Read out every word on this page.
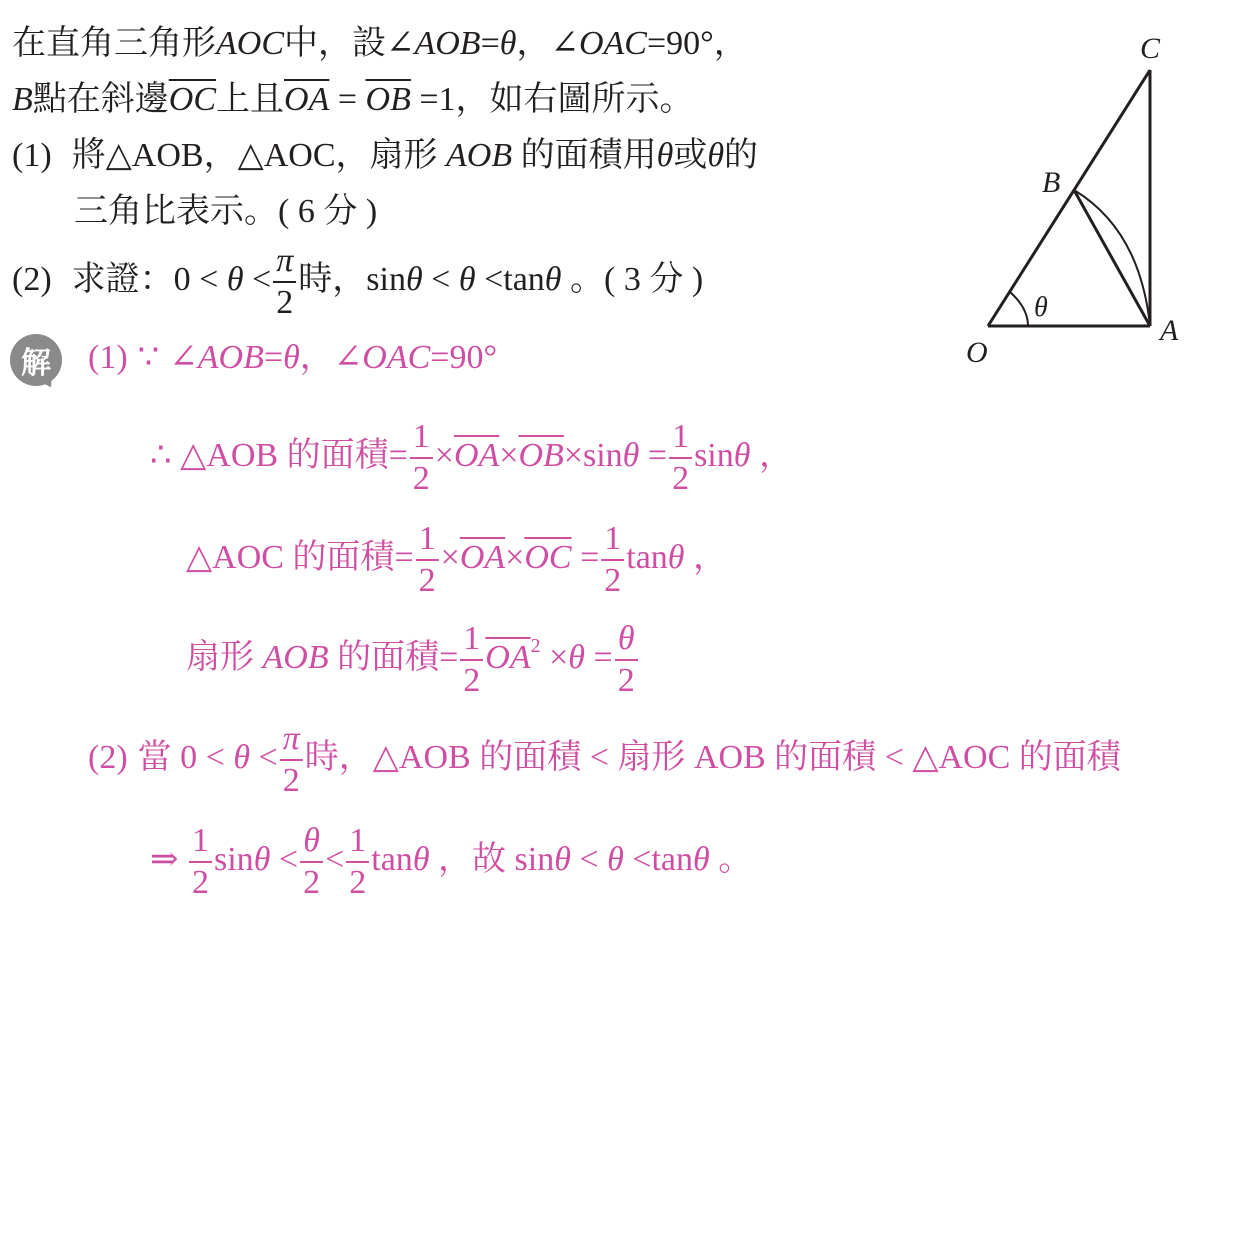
在直角三角形AOC中，設∠AOB=θ，∠OAC=90°，
B點在斜邊$\overline{OC}$上且$\overline{OA} = \overline{OB} =1$，如右圖所示。
(1) 將△AOB，△AOC，扇形 AOB 的面積用θ或θ的
三角比表示。( 6 分 )
(2) 求證：$0 < \theta < \frac{\pi}{2}$ 時，sinθ < θ <tanθ 。( 3 分 )
解	(1) ∵ ∠AOB=θ，∠OAC=90°
∴ △AOB 的面積= $\frac{1}{2} \times\overline{OA}\times\overline{OB}\times\sin\theta = \frac{1}{2}$ sinθ ，
△AOC 的面積= $\frac{1}{2} \times\overline{OA}\times\overline{OC} = \frac{1}{2}$ tanθ ，
扇形 AOB 的面積= $\frac{1}{2} \overline{OA}^2 \times\theta = \frac{\theta}{2}$
(2) 當 $0 < \theta < \frac{\pi}{2}$ 時，△AOB 的面積 < 扇形 AOB 的面積 < △AOC 的面積
⇒ $\frac{1}{2}$ $\sin\theta < \frac{\theta}{2} < \frac{1}{2}$ tanθ ，故 sinθ < θ <tanθ 。
O
A
B
C
θ
